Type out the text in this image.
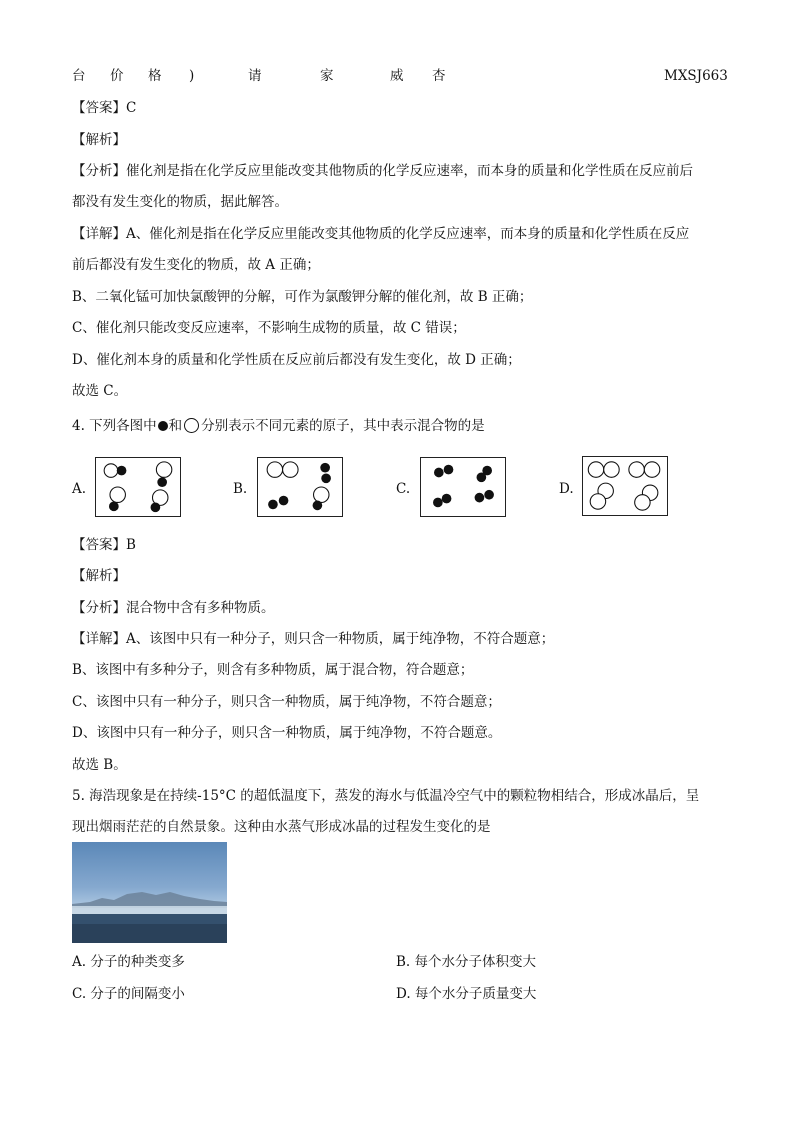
台 价 格 )	请	家	威 杏	MXSJ663
【答案】C
【解析】
【分析】催化剂是指在化学反应里能改变其他物质的化学反应速率，而本身的质量和化学性质在反应前后
都没有发生变化的物质，据此解答。
【详解】A、催化剂是指在化学反应里能改变其他物质的化学反应速率，而本身的质量和化学性质在反应
前后都没有发生变化的物质，故 A 正确；
B、二氧化锰可加快氯酸钾的分解，可作为氯酸钾分解的催化剂，故 B 正确；
C、催化剂只能改变反应速率，不影响生成物的质量，故 C 错误；
D、催化剂本身的质量和化学性质在反应前后都没有发生变化，故 D 正确；
故选 C。
4. 下列各图中 和 分别表示不同元素的原子，其中表示混合物的是
A.	B.	C.	D.
【答案】B
【解析】
【分析】混合物中含有多种物质。
【详解】A、该图中只有一种分子，则只含一种物质，属于纯净物，不符合题意；
B、该图中有多种分子，则含有多种物质，属于混合物，符合题意；
C、该图中只有一种分子，则只含一种物质，属于纯净物，不符合题意；
D、该图中只有一种分子，则只含一种物质，属于纯净物，不符合题意。
故选 B。
5. 海浩现象是在持续-15°C 的超低温度下，蒸发的海水与低温冷空气中的颗粒物相结合，形成冰晶后，呈
现出烟雨茫茫的自然景象。这种由水蒸气形成冰晶的过程发生变化的是
A. 分子的种类变多	B. 每个水分子体积变大
C. 分子的间隔变小	D. 每个水分子质量变大
